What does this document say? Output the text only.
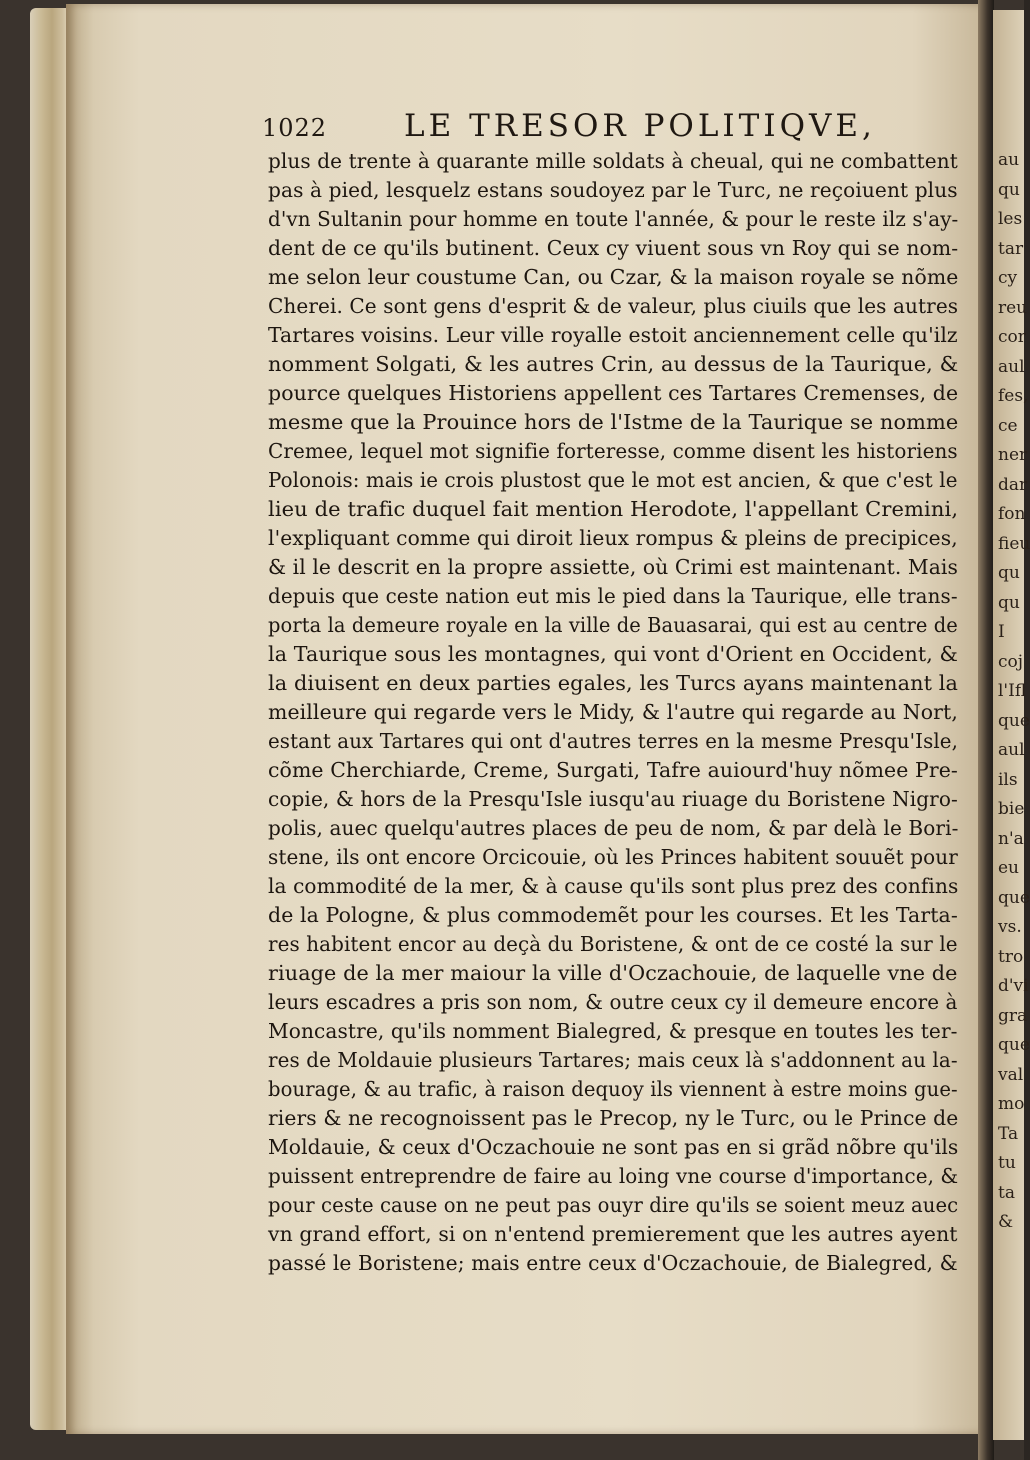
au
qu
les
tar
cy
reu
cor
aul
fes,
ce
ner
dar
fon
fieu
qu
qu
I
coj
l'Ifl
que
aul
ils
bie
n'a
eu
que
vs.
tro
d'vi
gra
que
val
mo
Ta
tu
ta
&
1022 LE TRESOR POLITIQVE,
plus de trente à quarante mille soldats à cheual, qui ne combattent
pas à pied, lesquelz estans soudoyez par le Turc, ne reçoiuent plus
d'vn Sultanin pour homme en toute l'année, & pour le reste ilz s'ay-
dent de ce qu'ils butinent. Ceux cy viuent sous vn Roy qui se nom-
me selon leur coustume Can, ou Czar, & la maison royale se nõme
Cherei. Ce sont gens d'esprit & de valeur, plus ciuils que les autres
Tartares voisins. Leur ville royalle estoit anciennement celle qu'ilz
nomment Solgati, & les autres Crin, au dessus de la Taurique, &
pource quelques Historiens appellent ces Tartares Cremenses, de
mesme que la Prouince hors de l'Istme de la Taurique se nomme
Cremee, lequel mot signifie forteresse, comme disent les historiens
Polonois: mais ie crois plustost que le mot est ancien, & que c'est le
lieu de trafic duquel fait mention Herodote, l'appellant Cremini,
l'expliquant comme qui diroit lieux rompus & pleins de precipices,
& il le descrit en la propre assiette, où Crimi est maintenant. Mais
depuis que ceste nation eut mis le pied dans la Taurique, elle trans-
porta la demeure royale en la ville de Bauasarai, qui est au centre de
la Taurique sous les montagnes, qui vont d'Orient en Occident, &
la diuisent en deux parties egales, les Turcs ayans maintenant la
meilleure qui regarde vers le Midy, & l'autre qui regarde au Nort,
estant aux Tartares qui ont d'autres terres en la mesme Presqu'Isle,
cõme Cherchiarde, Creme, Surgati, Tafre auiourd'huy nõmee Pre-
copie, & hors de la Presqu'Isle iusqu'au riuage du Boristene Nigro-
polis, auec quelqu'autres places de peu de nom, & par delà le Bori-
stene, ils ont encore Orcicouie, où les Princes habitent souuẽt pour
la commodité de la mer, & à cause qu'ils sont plus prez des confins
de la Pologne, & plus commodemẽt pour les courses. Et les Tarta-
res habitent encor au deçà du Boristene, & ont de ce costé la sur le
riuage de la mer maiour la ville d'Oczachouie, de laquelle vne de
leurs escadres a pris son nom, & outre ceux cy il demeure encore à
Moncastre, qu'ils nomment Bialegred, & presque en toutes les ter-
res de Moldauie plusieurs Tartares; mais ceux là s'addonnent au la-
bourage, & au trafic, à raison dequoy ils viennent à estre moins gue-
riers & ne recognoissent pas le Precop, ny le Turc, ou le Prince de
Moldauie, & ceux d'Oczachouie ne sont pas en si grãd nõbre qu'ils
puissent entreprendre de faire au loing vne course d'importance, &
pour ceste cause on ne peut pas ouyr dire qu'ils se soient meuz auec
vn grand effort, si on n'entend premierement que les autres ayent
passé le Boristene; mais entre ceux d'Oczachouie, de Bialegred, &
